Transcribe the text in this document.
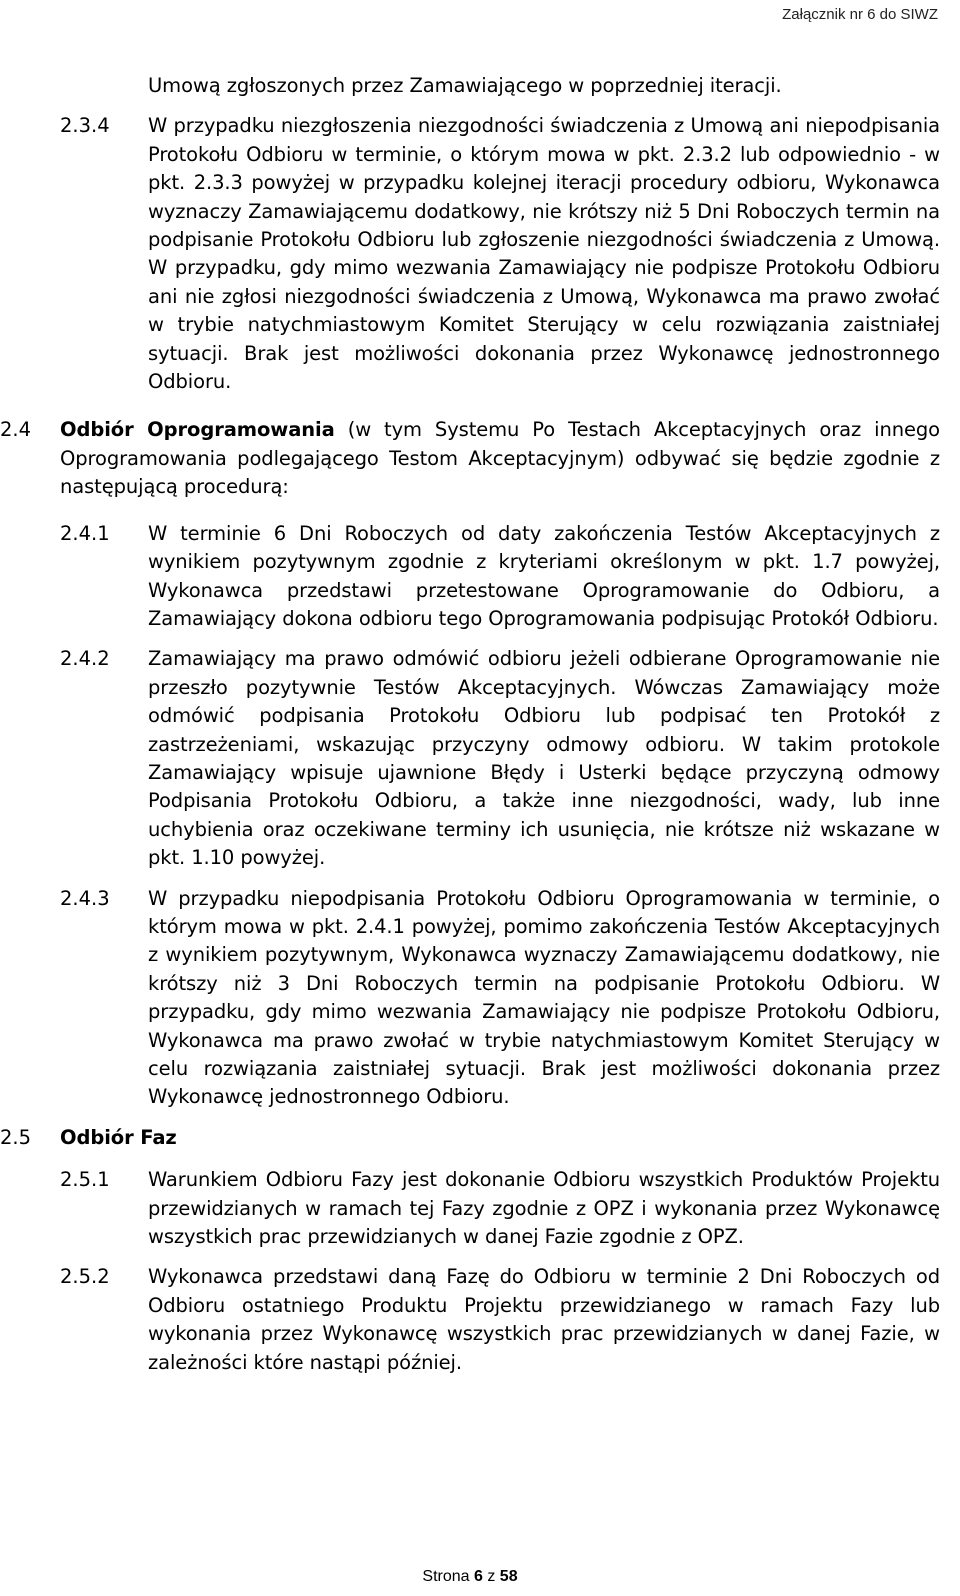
Załącznik nr 6 do SIWZ
Umową zgłoszonych przez Zamawiającego w poprzedniej iteracji.
2.3.4	W przypadku niezgłoszenia niezgodności świadczenia z Umową ani niepodpisania Protokołu Odbioru w terminie, o którym mowa w pkt. 2.3.2 lub odpowiednio - w pkt. 2.3.3 powyżej w przypadku kolejnej iteracji procedury odbioru, Wykonawca wyznaczy Zamawiającemu dodatkowy, nie krótszy niż 5 Dni Roboczych termin na podpisanie Protokołu Odbioru lub zgłoszenie niezgodności świadczenia z Umową. W przypadku, gdy mimo wezwania Zamawiający nie podpisze Protokołu Odbioru ani nie zgłosi niezgodności świadczenia z Umową, Wykonawca ma prawo zwołać w trybie natychmiastowym Komitet Sterujący w celu rozwiązania zaistniałej sytuacji. Brak jest możliwości dokonania przez Wykonawcę jednostronnego Odbioru.
2.4	Odbiór Oprogramowania (w tym Systemu Po Testach Akceptacyjnych oraz innego Oprogramowania podlegającego Testom Akceptacyjnym) odbywać się będzie zgodnie z następującą procedurą:
2.4.1	W terminie 6 Dni Roboczych od daty zakończenia Testów Akceptacyjnych z wynikiem pozytywnym zgodnie z kryteriami określonym w pkt. 1.7 powyżej, Wykonawca przedstawi przetestowane Oprogramowanie do Odbioru, a Zamawiający dokona odbioru tego Oprogramowania podpisując Protokół Odbioru.
2.4.2	Zamawiający ma prawo odmówić odbioru jeżeli odbierane Oprogramowanie nie przeszło pozytywnie Testów Akceptacyjnych. Wówczas Zamawiający może odmówić podpisania Protokołu Odbioru lub podpisać ten Protokół z zastrzeżeniami, wskazując przyczyny odmowy odbioru. W takim protokole Zamawiający wpisuje ujawnione Błędy i Usterki będące przyczyną odmowy Podpisania Protokołu Odbioru, a także inne niezgodności, wady, lub inne uchybienia oraz oczekiwane terminy ich usunięcia, nie krótsze niż wskazane w pkt. 1.10 powyżej.
2.4.3	W przypadku niepodpisania Protokołu Odbioru Oprogramowania w terminie, o którym mowa w pkt. 2.4.1 powyżej, pomimo zakończenia Testów Akceptacyjnych z wynikiem pozytywnym, Wykonawca wyznaczy Zamawiającemu dodatkowy, nie krótszy niż 3 Dni Roboczych termin na podpisanie Protokołu Odbioru. W przypadku, gdy mimo wezwania Zamawiający nie podpisze Protokołu Odbioru, Wykonawca ma prawo zwołać w trybie natychmiastowym Komitet Sterujący w celu rozwiązania zaistniałej sytuacji. Brak jest możliwości dokonania przez Wykonawcę jednostronnego Odbioru.
2.5	Odbiór Faz
2.5.1	Warunkiem Odbioru Fazy jest dokonanie Odbioru wszystkich Produktów Projektu przewidzianych w ramach tej Fazy zgodnie z OPZ i wykonania przez Wykonawcę wszystkich prac przewidzianych w danej Fazie zgodnie z OPZ.
2.5.2	Wykonawca przedstawi daną Fazę do Odbioru w terminie 2 Dni Roboczych od Odbioru ostatniego Produktu Projektu przewidzianego w ramach Fazy lub wykonania przez Wykonawcę wszystkich prac przewidzianych w danej Fazie, w zależności które nastąpi później.
Strona 6 z 58
